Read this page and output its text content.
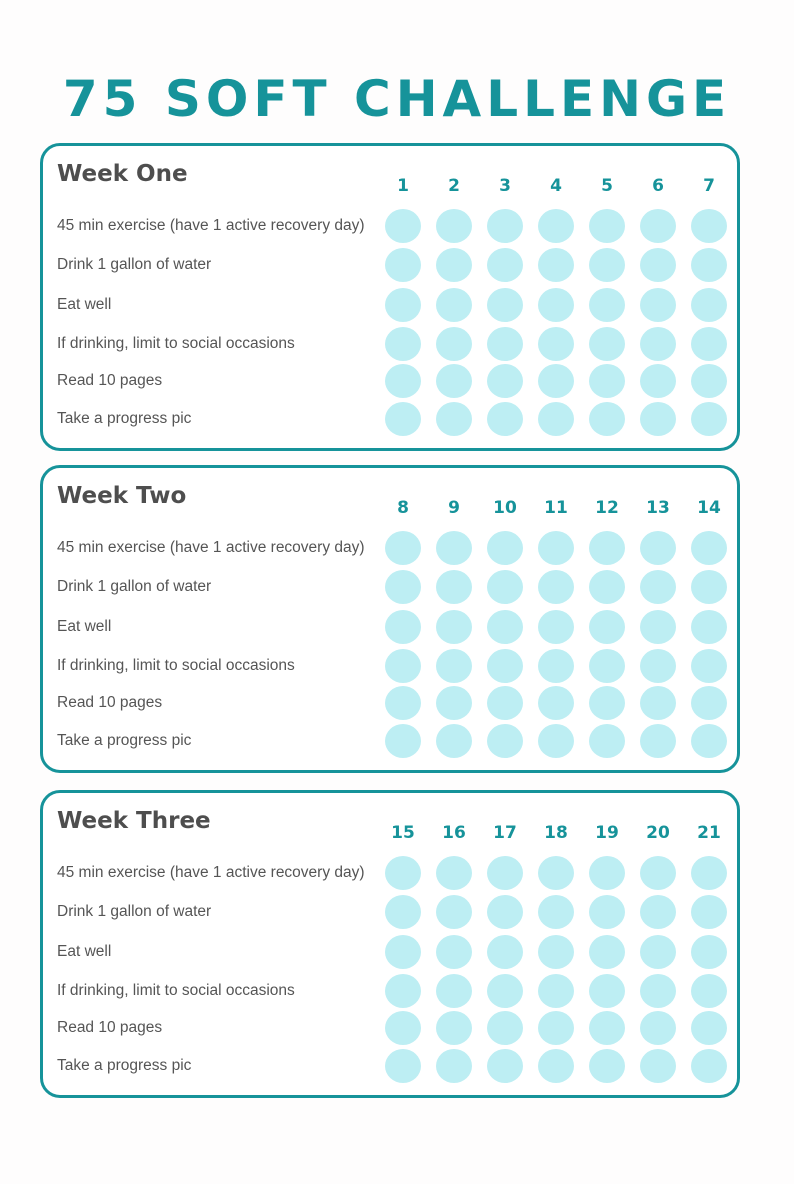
75 SOFT CHALLENGE
Week One	1	2	3	4	5	6	7
45 min exercise (have 1 active recovery day)
Drink 1 gallon of water
Eat well
If drinking, limit to social occasions
Read 10 pages
Take a progress pic
Week Two	8	9	10	11	12	13	14
45 min exercise (have 1 active recovery day)
Drink 1 gallon of water
Eat well
If drinking, limit to social occasions
Read 10 pages
Take a progress pic
Week Three	15	16	17	18	19	20	21
45 min exercise (have 1 active recovery day)
Drink 1 gallon of water
Eat well
If drinking, limit to social occasions
Read 10 pages
Take a progress pic
